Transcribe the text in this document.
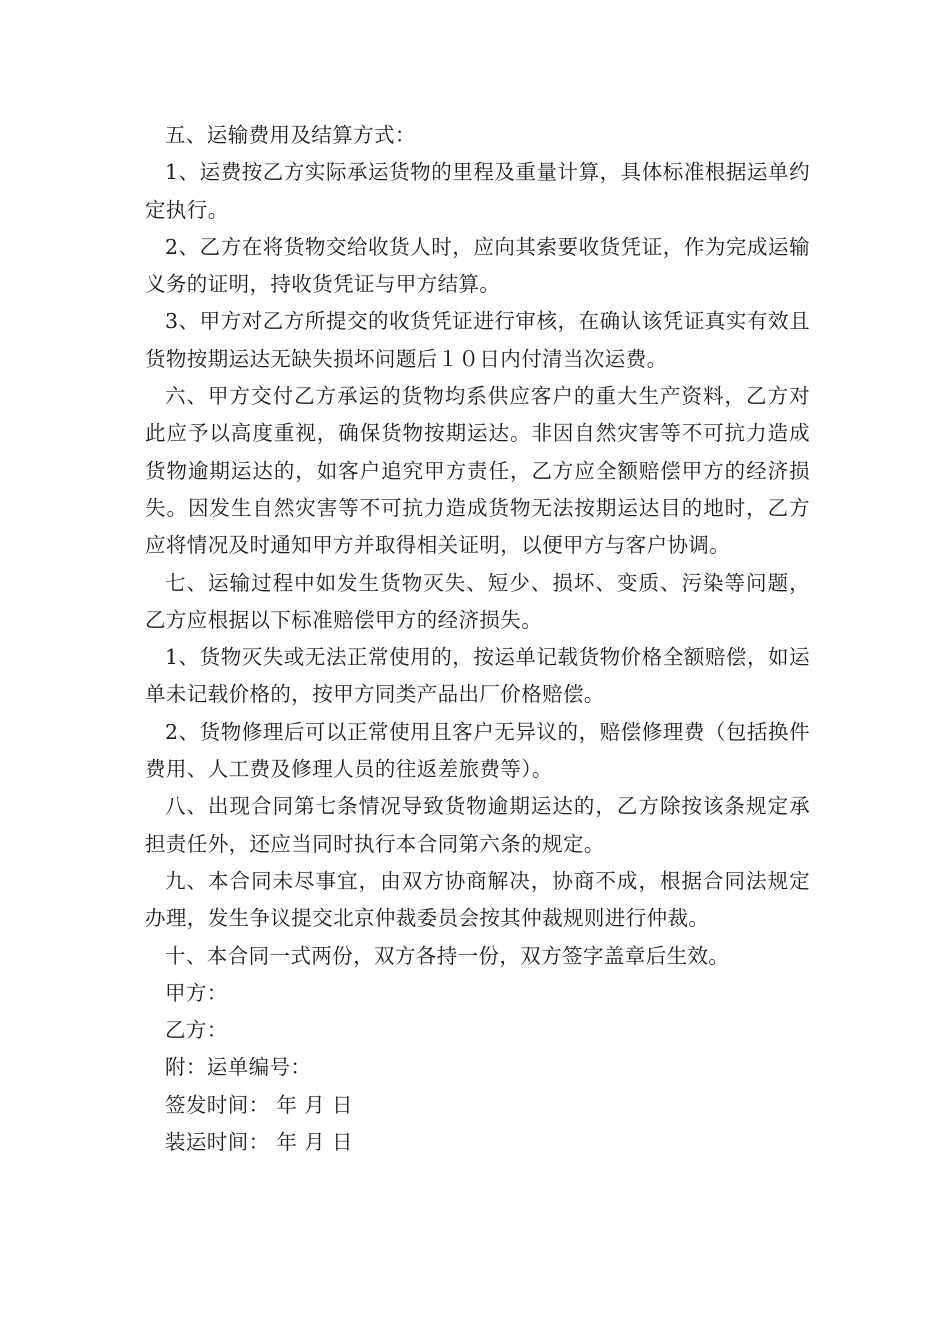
五、运输费用及结算方式：

1、运费按乙方实际承运货物的里程及重量计算，具体标准根据运单约定执行。

2、乙方在将货物交给收货人时，应向其索要收货凭证，作为完成运输义务的证明，持收货凭证与甲方结算。

3、甲方对乙方所提交的收货凭证进行审核，在确认该凭证真实有效且货物按期运达无缺失损坏问题后１０日内付清当次运费。

六、甲方交付乙方承运的货物均系供应客户的重大生产资料，乙方对此应予以高度重视，确保货物按期运达。非因自然灾害等不可抗力造成货物逾期运达的，如客户追究甲方责任，乙方应全额赔偿甲方的经济损失。因发生自然灾害等不可抗力造成货物无法按期运达目的地时，乙方应将情况及时通知甲方并取得相关证明，以便甲方与客户协调。

七、运输过程中如发生货物灭失、短少、损坏、变质、污染等问题，乙方应根据以下标准赔偿甲方的经济损失。

1、货物灭失或无法正常使用的，按运单记载货物价格全额赔偿，如运单未记载价格的，按甲方同类产品出厂价格赔偿。

2、货物修理后可以正常使用且客户无异议的，赔偿修理费（包括换件费用、人工费及修理人员的往返差旅费等）。

八、出现合同第七条情况导致货物逾期运达的，乙方除按该条规定承担责任外，还应当同时执行本合同第六条的规定。

九、本合同未尽事宜，由双方协商解决，协商不成，根据合同法规定办理，发生争议提交北京仲裁委员会按其仲裁规则进行仲裁。

十、本合同一式两份，双方各持一份，双方签字盖章后生效。

甲方：

乙方：

附：运单编号：

签发时间： 年 月 日

装运时间： 年 月 日
